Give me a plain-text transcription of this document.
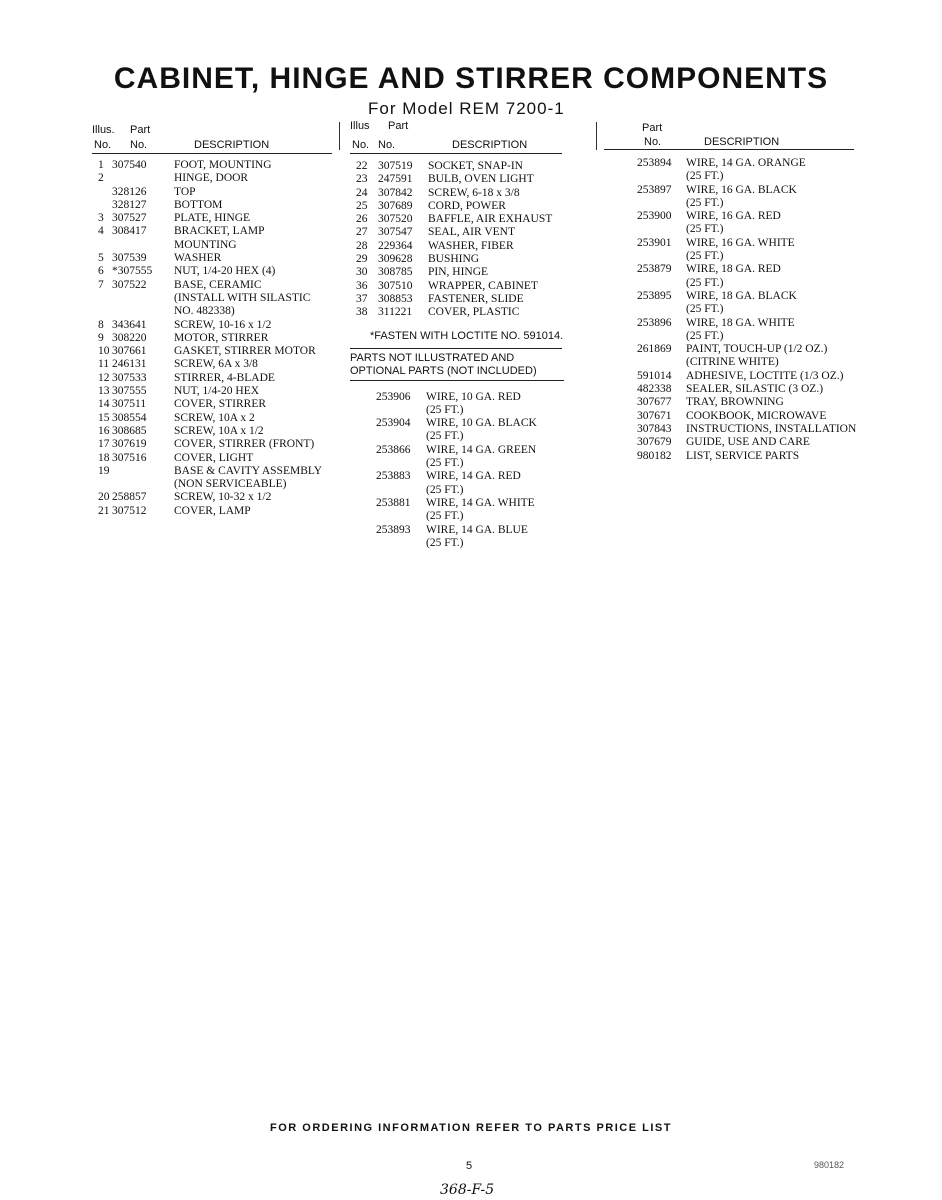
CABINET, HINGE AND STIRRER COMPONENTS
For Model REM 7200-1
Illus. Part
No. No.	DESCRIPTION
1 307540 FOOT, MOUNTING
2	HINGE, DOOR
328126 TOP
328127 BOTTOM
3 307527 PLATE, HINGE
4 308417 BRACKET, LAMP
MOUNTING
5 307539 WASHER
6 *307555 NUT, 1/4-20 HEX (4)
7 307522 BASE, CERAMIC
(INSTALL WITH SILASTIC
NO. 482338)
8 343641 SCREW, 10-16 x 1/2
9 308220 MOTOR, STIRRER
10 307661 GASKET, STIRRER MOTOR
11 246131 SCREW, 6A x 3/8
12 307533 STIRRER, 4-BLADE
13 307555 NUT, 1/4-20 HEX
14 307511 COVER, STIRRER
15 308554 SCREW, 10A x 2
16 308685 SCREW, 10A x 1/2
17 307619 COVER, STIRRER (FRONT)
18 307516 COVER, LIGHT
19	BASE & CAVITY ASSEMBLY
(NON SERVICEABLE)
20 258857 SCREW, 10-32 x 1/2
21 307512 COVER, LAMP
Illus Part
No. No.	DESCRIPTION
22 307519 SOCKET, SNAP-IN
23 247591 BULB, OVEN LIGHT
24 307842 SCREW, 6-18 x 3/8
25 307689 CORD, POWER
26 307520 BAFFLE, AIR EXHAUST
27 307547 SEAL, AIR VENT
28 229364 WASHER, FIBER
29 309628 BUSHING
30 308785 PIN, HINGE
36 307510 WRAPPER, CABINET
37 308853 FASTENER, SLIDE
38 311221 COVER, PLASTIC
*FASTEN WITH LOCTITE NO. 591014.
PARTS NOT ILLUSTRATED AND
OPTIONAL PARTS (NOT INCLUDED)
253906 WIRE, 10 GA. RED
(25 FT.)
253904 WIRE, 10 GA. BLACK
(25 FT.)
253866 WIRE, 14 GA. GREEN
(25 FT.)
253883 WIRE, 14 GA. RED
(25 FT.)
253881 WIRE, 14 GA. WHITE
(25 FT.)
253893 WIRE, 14 GA. BLUE
(25 FT.)
Part
No.	DESCRIPTION
253894 WIRE, 14 GA. ORANGE
(25 FT.)
253897 WIRE, 16 GA. BLACK
(25 FT.)
253900 WIRE, 16 GA. RED
(25 FT.)
253901 WIRE, 16 GA. WHITE
(25 FT.)
253879 WIRE, 18 GA. RED
(25 FT.)
253895 WIRE, 18 GA. BLACK
(25 FT.)
253896 WIRE, 18 GA. WHITE
(25 FT.)
261869 PAINT, TOUCH-UP (1/2 OZ.)
(CITRINE WHITE)
591014 ADHESIVE, LOCTITE (1/3 OZ.)
482338 SEALER, SILASTIC (3 OZ.)
307677 TRAY, BROWNING
307671 COOKBOOK, MICROWAVE
307843 INSTRUCTIONS, INSTALLATION
307679 GUIDE, USE AND CARE
980182 LIST, SERVICE PARTS
FOR ORDERING INFORMATION REFER TO PARTS PRICE LIST
5	980182
368-F-5
